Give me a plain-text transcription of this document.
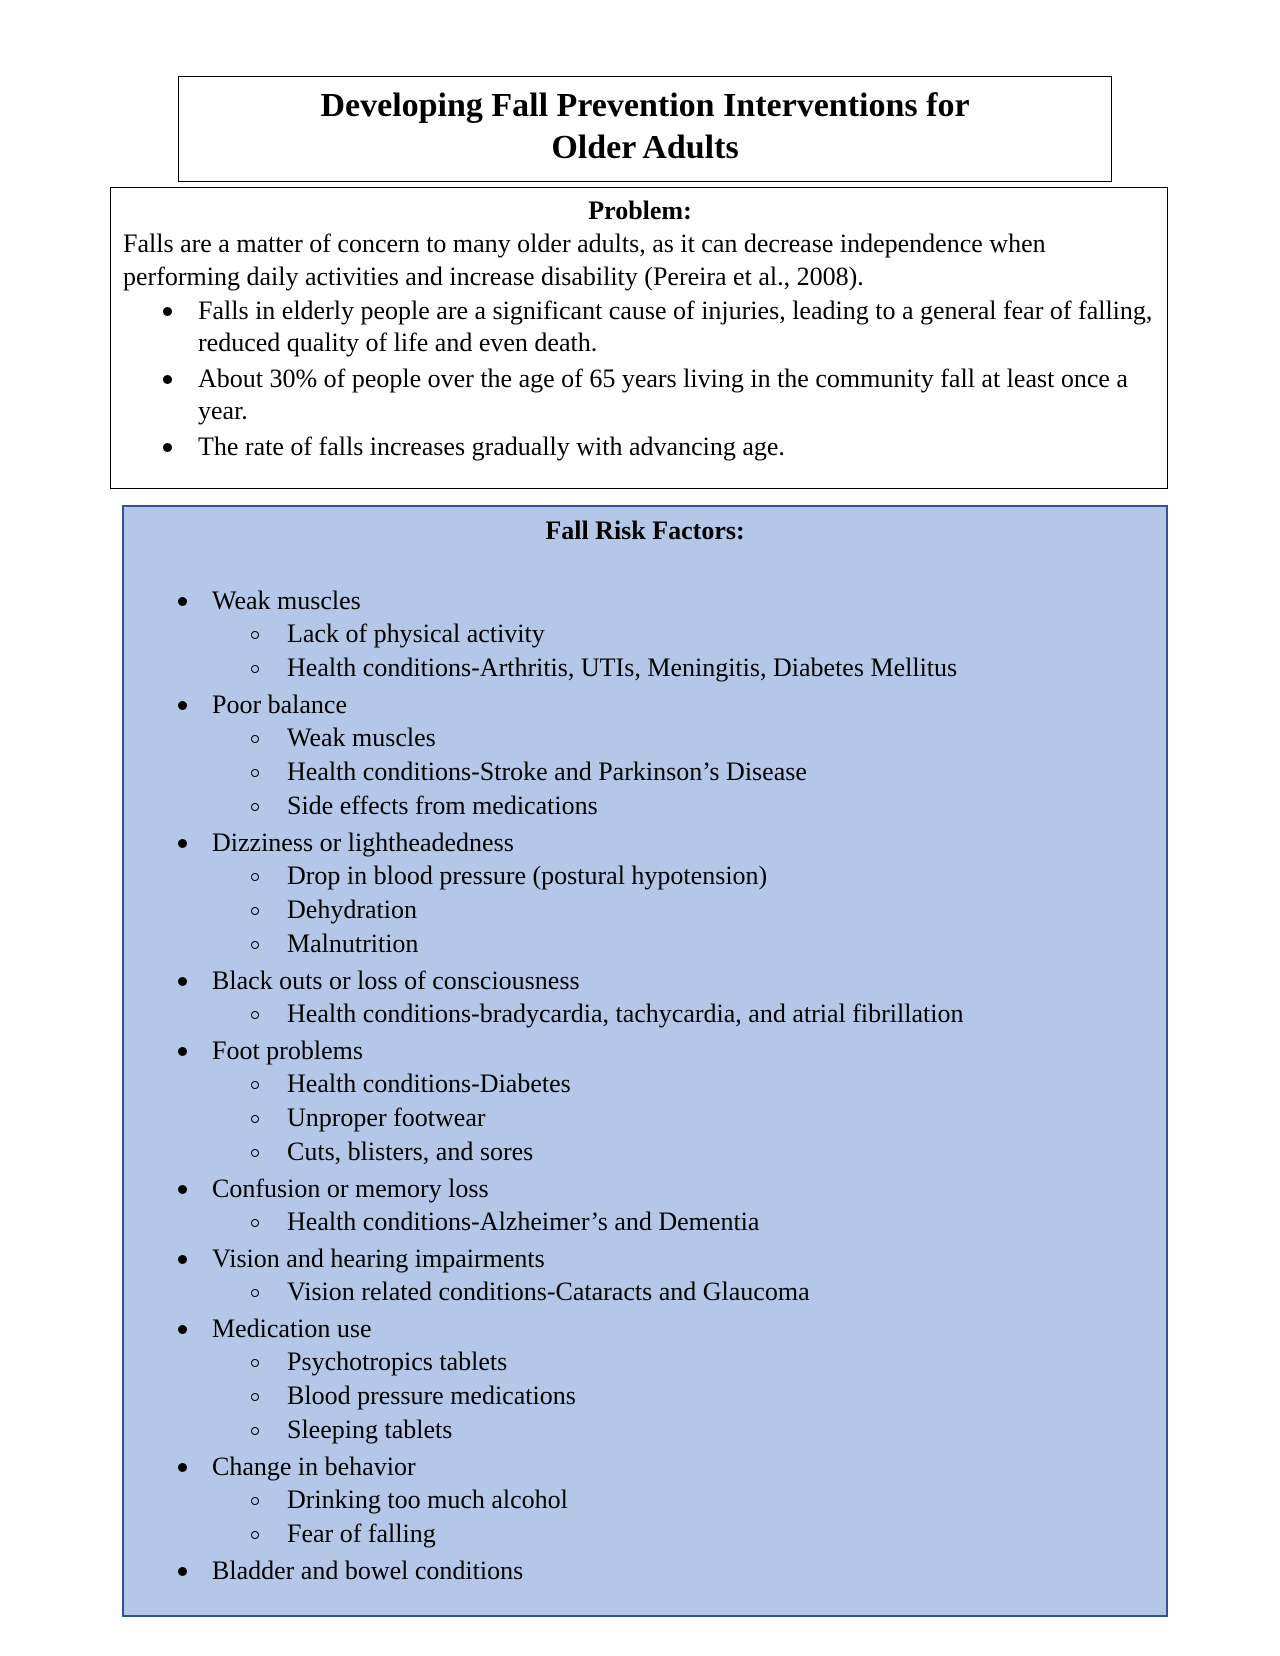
Developing Fall Prevention Interventions for
Older Adults
Problem:

Falls are a matter of concern to many older adults, as it can decrease independence when performing daily activities and increase disability (Pereira et al., 2008).

Falls in elderly people are a significant cause of injuries, leading to a general fear of falling, reduced quality of life and even death.
About 30% of people over the age of 65 years living in the community fall at least once a year.
The rate of falls increases gradually with advancing age.
Fall Risk Factors:
Weak muscles
Lack of physical activity
Health conditions-Arthritis, UTIs, Meningitis, Diabetes Mellitus
Poor balance
Weak muscles
Health conditions-Stroke and Parkinson’s Disease
Side effects from medications
Dizziness or lightheadedness
Drop in blood pressure (postural hypotension)
Dehydration
Malnutrition
Black outs or loss of consciousness
Health conditions-bradycardia, tachycardia, and atrial fibrillation
Foot problems
Health conditions-Diabetes
Unproper footwear
Cuts, blisters, and sores
Confusion or memory loss
Health conditions-Alzheimer’s and Dementia
Vision and hearing impairments
Vision related conditions-Cataracts and Glaucoma
Medication use
Psychotropics tablets
Blood pressure medications
Sleeping tablets
Change in behavior
Drinking too much alcohol
Fear of falling
Bladder and bowel conditions
